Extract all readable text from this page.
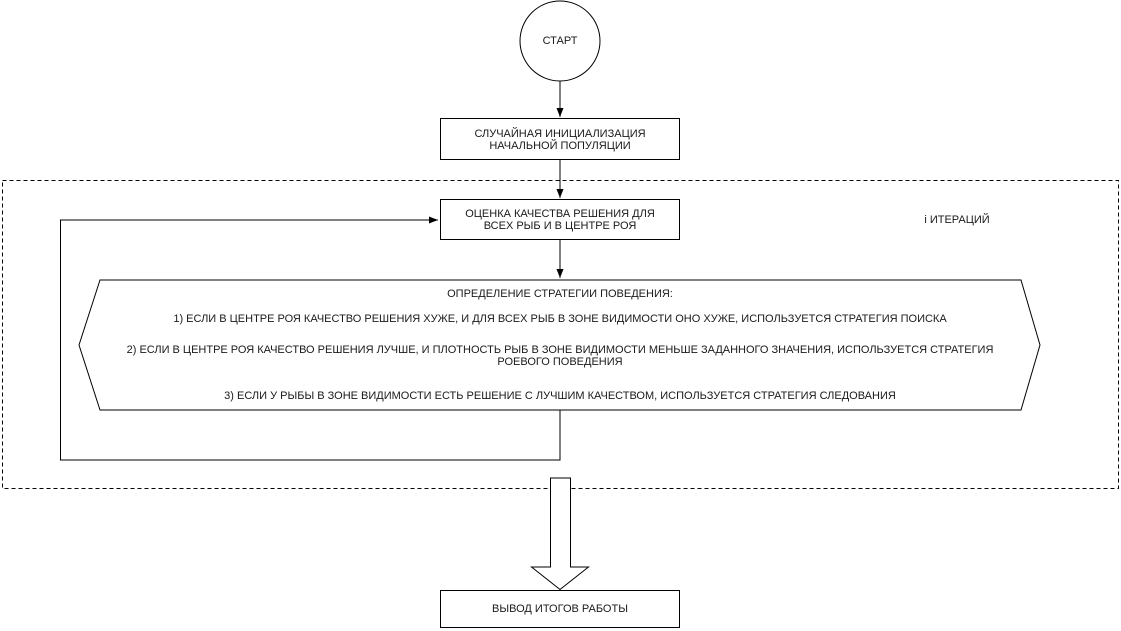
СТАРТ
СЛУЧАЙНАЯ ИНИЦИАЛИЗАЦИЯ
НАЧАЛЬНОЙ ПОПУЛЯЦИИ
i ИТЕРАЦИЙ
ОЦЕНКА КАЧЕСТВА РЕШЕНИЯ ДЛЯ
ВСЕХ РЫБ И В ЦЕНТРЕ РОЯ
ОПРЕДЕЛЕНИЕ СТРАТЕГИИ ПОВЕДЕНИЯ:
1) ЕСЛИ В ЦЕНТРЕ РОЯ КАЧЕСТВО РЕШЕНИЯ ХУЖЕ, И ДЛЯ ВСЕХ РЫБ В ЗОНЕ ВИДИМОСТИ ОНО ХУЖЕ, ИСПОЛЬЗУЕТСЯ СТРАТЕГИЯ ПОИСКА
2) ЕСЛИ В ЦЕНТРЕ РОЯ КАЧЕСТВО РЕШЕНИЯ ЛУЧШЕ, И ПЛОТНОСТЬ РЫБ В ЗОНЕ ВИДИМОСТИ МЕНЬШЕ ЗАДАННОГО ЗНАЧЕНИЯ, ИСПОЛЬЗУЕТСЯ СТРАТЕГИЯ
РОЕВОГО ПОВЕДЕНИЯ
3) ЕСЛИ У РЫБЫ В ЗОНЕ ВИДИМОСТИ ЕСТЬ РЕШЕНИЕ С ЛУЧШИМ КАЧЕСТВОМ, ИСПОЛЬЗУЕТСЯ СТРАТЕГИЯ СЛЕДОВАНИЯ
ВЫВОД ИТОГОВ РАБОТЫ
